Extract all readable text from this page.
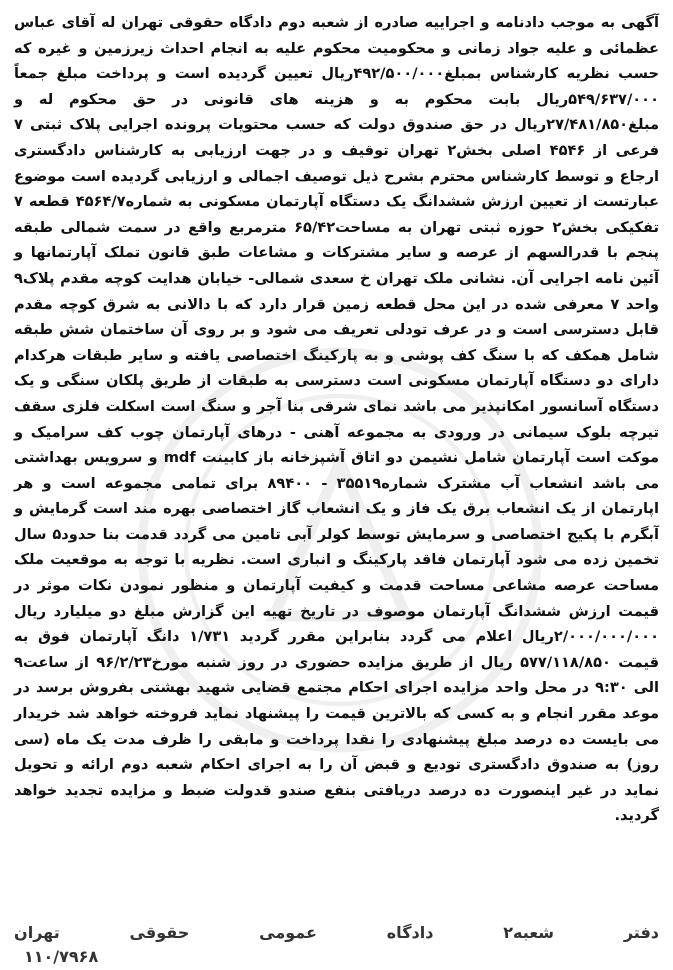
آگهی به موجب دادنامه و اجراییه صادره از شعبه دوم دادگاه حقوقی تهران له آقای عباس عظمائی و علیه جواد زمانی و محکومیت محکوم علیه به انجام احداث زیرزمین و غیره که حسب نظریه کارشناس بمبلغ۴۹۲/۵۰۰/۰۰۰ریال تعیین گردیده است و پرداخت مبلغ جمعاً ۵۴۹/۶۳۷/۰۰۰ریال بابت محکوم به و هزینه های قانونی در حق محکوم له و مبلغ۲۷/۴۸۱/۸۵۰ریال در حق صندوق دولت که حسب محتویات پرونده اجرایی پلاک ثبتی ۷ فرعی از ۴۵۴۶ اصلی بخش۲ تهران توقیف و در جهت ارزیابی به کارشناس دادگستری ارجاع و توسط کارشناس محترم بشرح ذیل توصیف اجمالی و ارزیابی گردیده است موضوع عبارتست از تعیین ارزش ششدانگ یک دستگاه آپارتمان مسکونی به شماره۴۵۶۴/۷ قطعه ۷ تفکیکی بخش۲ حوزه ثبتی تهران به مساحت۶۵/۴۲ مترمربع واقع در سمت شمالی طبقه پنجم با قدرالسهم از عرصه و سایر مشترکات و مشاعات طبق قانون تملک آپارتمانها و آئین نامه اجرایی آن. نشانی ملک تهران خ سعدی شمالی- خیابان هدایت کوچه مقدم پلاک۹ واحد ۷ معرفی شده در این محل قطعه زمین قرار دارد که با دالانی به شرق کوچه مقدم قابل دسترسی است و در عرف تودلی تعریف می شود و بر روی آن ساختمان شش طبقه شامل همکف که با سنگ کف پوشی و به پارکینگ اختصاصی یافته و سایر طبقات هرکدام دارای دو دستگاه آپارتمان مسکونی است دسترسی به طبقات از طریق پلکان سنگی و یک دستگاه آسانسور امکانپذیر می باشد نمای شرقی بنا آجر و سنگ است اسکلت فلزی سقف تیرچه بلوک سیمانی در ورودی به مجموعه آهنی - درهای آپارتمان چوب کف سرامیک و موکت است آپارتمان شامل نشیمن دو اتاق آشپزخانه باز کابینت mdf و سرویس بهداشتی می باشد انشعاب آب مشترک شماره۳۵۵۱۹ - ۸۹۴۰۰ برای تمامی مجموعه است و هر اپارتمان از یک انشعاب برق یک فاز و یک انشعاب گاز اختصاصی بهره مند است گرمایش و آبگرم با پکیج اختصاصی و سرمایش توسط کولر آبی تامین می گردد قدمت بنا حدود۵ سال تخمین زده می شود آپارتمان فاقد پارکینگ و انباری است. نظریه با توجه به موقعیت ملک مساحت عرصه مشاعی مساحت قدمت و کیفیت آپارتمان و منظور نمودن نکات موثر در قیمت ارزش ششدانگ آپارتمان موصوف در تاریخ تهیه این گزارش مبلغ دو میلیارد ریال ۲/۰۰۰/۰۰۰/۰۰۰ریال اعلام می گردد بنابراین مقرر گردید ۱/۷۳۱ دانگ آپارتمان فوق به قیمت ۵۷۷/۱۱۸/۸۵۰ ریال از طریق مزایده حضوری در روز شنبه مورخ۹۶/۲/۲۳ از ساعت۹ الی ۹:۳۰ در محل واحد مزایده اجرای احکام مجتمع قضایی شهید بهشتی بفروش برسد در موعد مقرر انجام و به کسی که بالاترین قیمت را پیشنهاد نماید فروخته خواهد شد خریدار می بایست ده درصد مبلغ پیشنهادی را نقدا پرداخت و مابقی را ظرف مدت یک ماه (سی روز) به صندوق دادگستری تودیع و قبض آن را به اجرای احکام شعبه دوم ارائه و تحویل نماید در غیر اینصورت ده درصد دریافتی بنفع صندو قدولت ضبط و مزایده تجدید خواهد گردید.

دفتر
شعبه۲
دادگاه
عمومی
حقوقی
تهران
۱۱۰/۷۹۶۸
